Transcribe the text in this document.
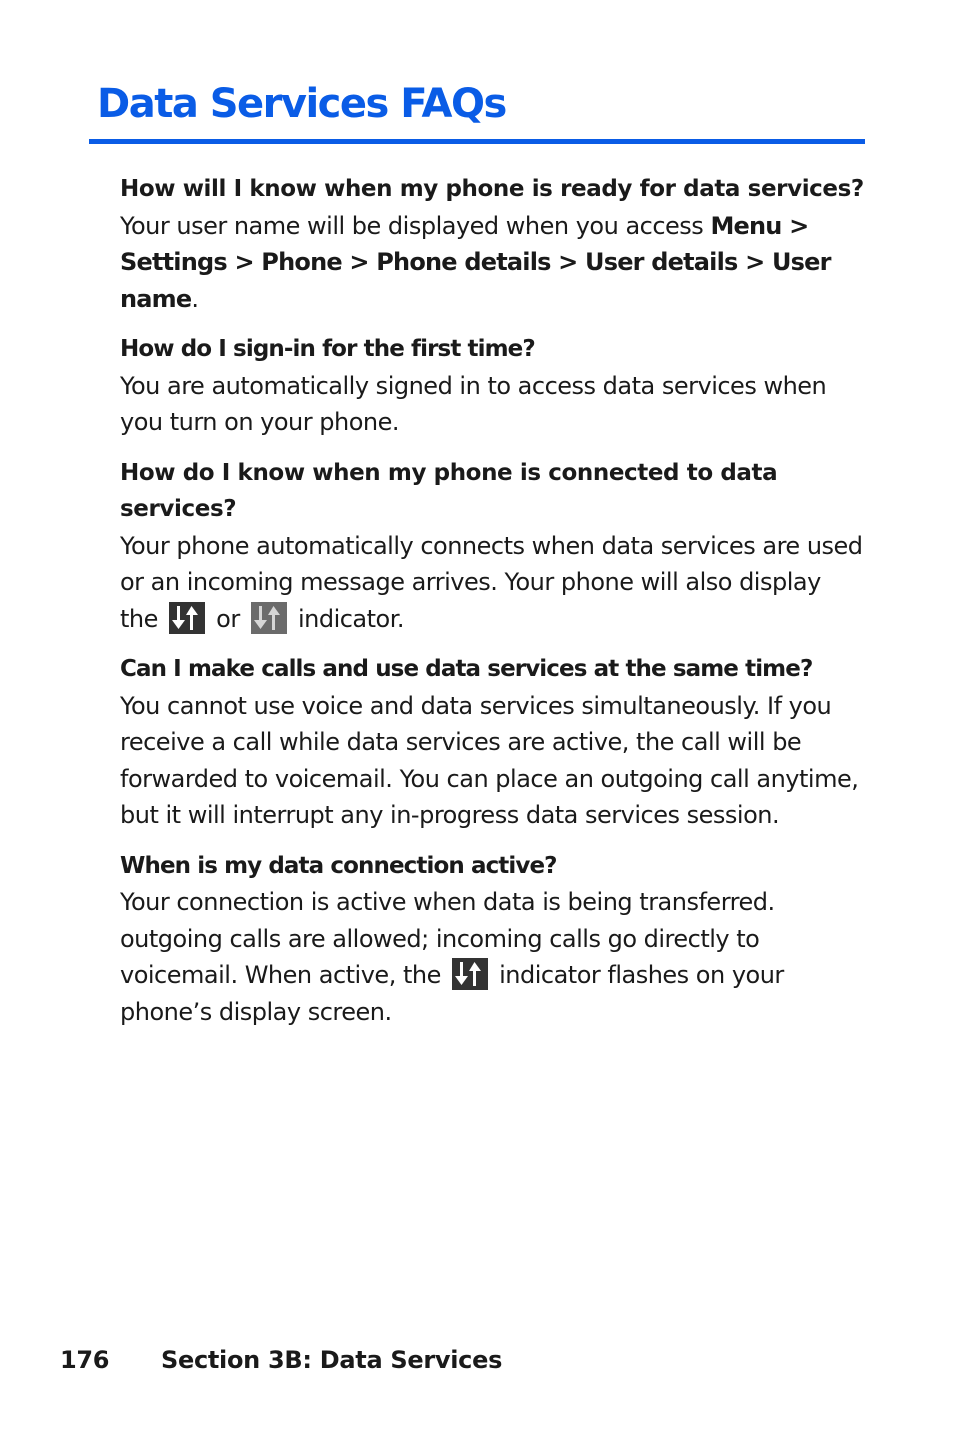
Data Services FAQs

How will I know when my phone is ready for data services?

Your user name will be displayed when you access Menu > Settings > Phone > Phone details > User details > User name.

How do I sign-in for the first time?

You are automatically signed in to access data services when you turn on your phone.

How do I know when my phone is connected to data services?

Your phone automatically connects when data services are used or an incoming message arrives. Your phone will also display the
or
indicator.

Can I make calls and use data services at the same time?

You cannot use voice and data services simultaneously. If you receive a call while data services are active, the call will be forwarded to voicemail. You can place an outgoing call anytime, but it will interrupt any in-progress data services session.

When is my data connection active?

Your connection is active when data is being transferred. outgoing calls are allowed; incoming calls go directly to voicemail. When active, the
indicator flashes on your phone’s display screen.

176 Section 3B: Data Services
